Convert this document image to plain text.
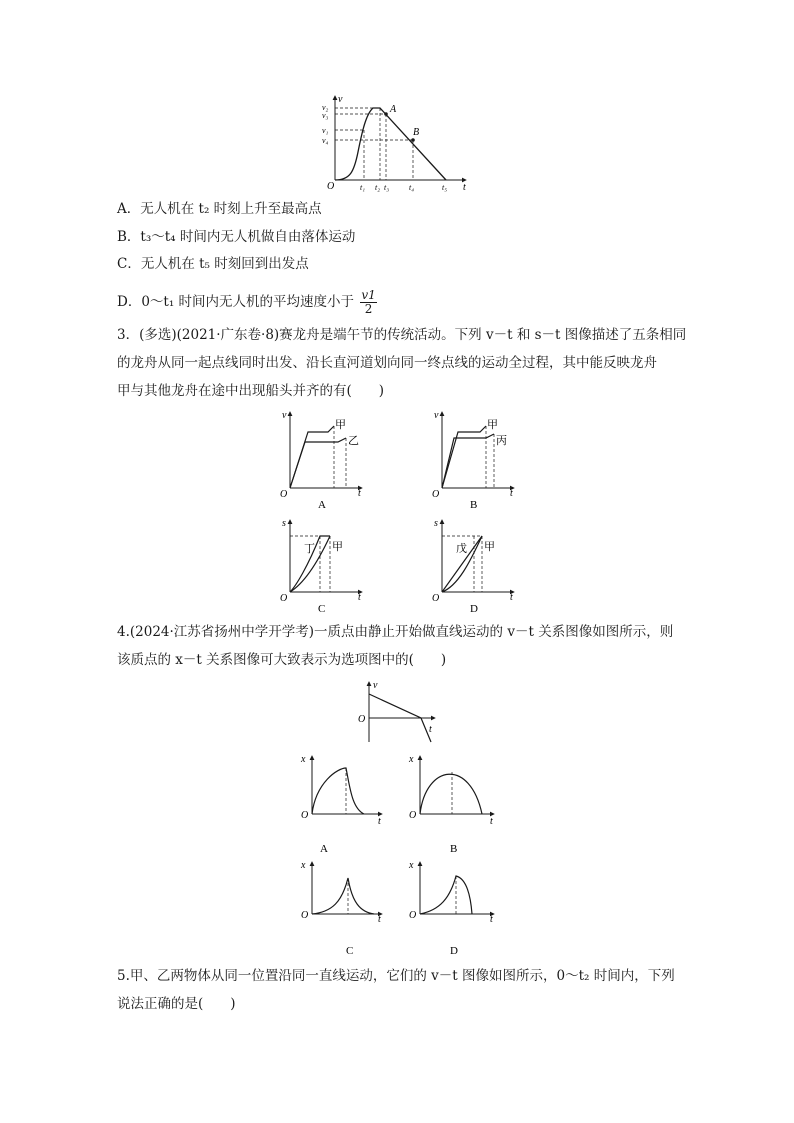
v
t
O
v₂
v₃
v₁
v₄
t₁ t₂ t₃ t₄	t₅
A
B
A．无人机在 t₂ 时刻上升至最高点
B．t₃～t₄ 时间内无人机做自由落体运动
C．无人机在 t₅ 时刻回到出发点
D．0～t₁ 时间内无人机的平均速度小于 $\frac{v1}{2}$
3．(多选)(2021·广东卷·8)赛龙舟是端午节的传统活动。下列 v－t 和 s－t 图像描述了五条相同
的龙舟从同一起点线同时出发、沿长直河道划向同一终点线的运动全过程，其中能反映龙舟
甲与其他龙舟在途中出现船头并齐的有(　　)
v
t
O
甲
乙
A
v
t
O
甲
丙
B
s
t
O
丁 甲
C
s
t
O
戊 甲
D
4.(2024·江苏省扬州中学开学考)一质点由静止开始做直线运动的 v－t 关系图像如图所示，则
该质点的 x－t 关系图像可大致表示为选项图中的(　　)
v
t
O
x
t
O
A
x
t
O
B
x
t
O
C
x
t
O
D
5.甲、乙两物体从同一位置沿同一直线运动，它们的 v－t 图像如图所示，0～t₂ 时间内，下列
说法正确的是(　　)
